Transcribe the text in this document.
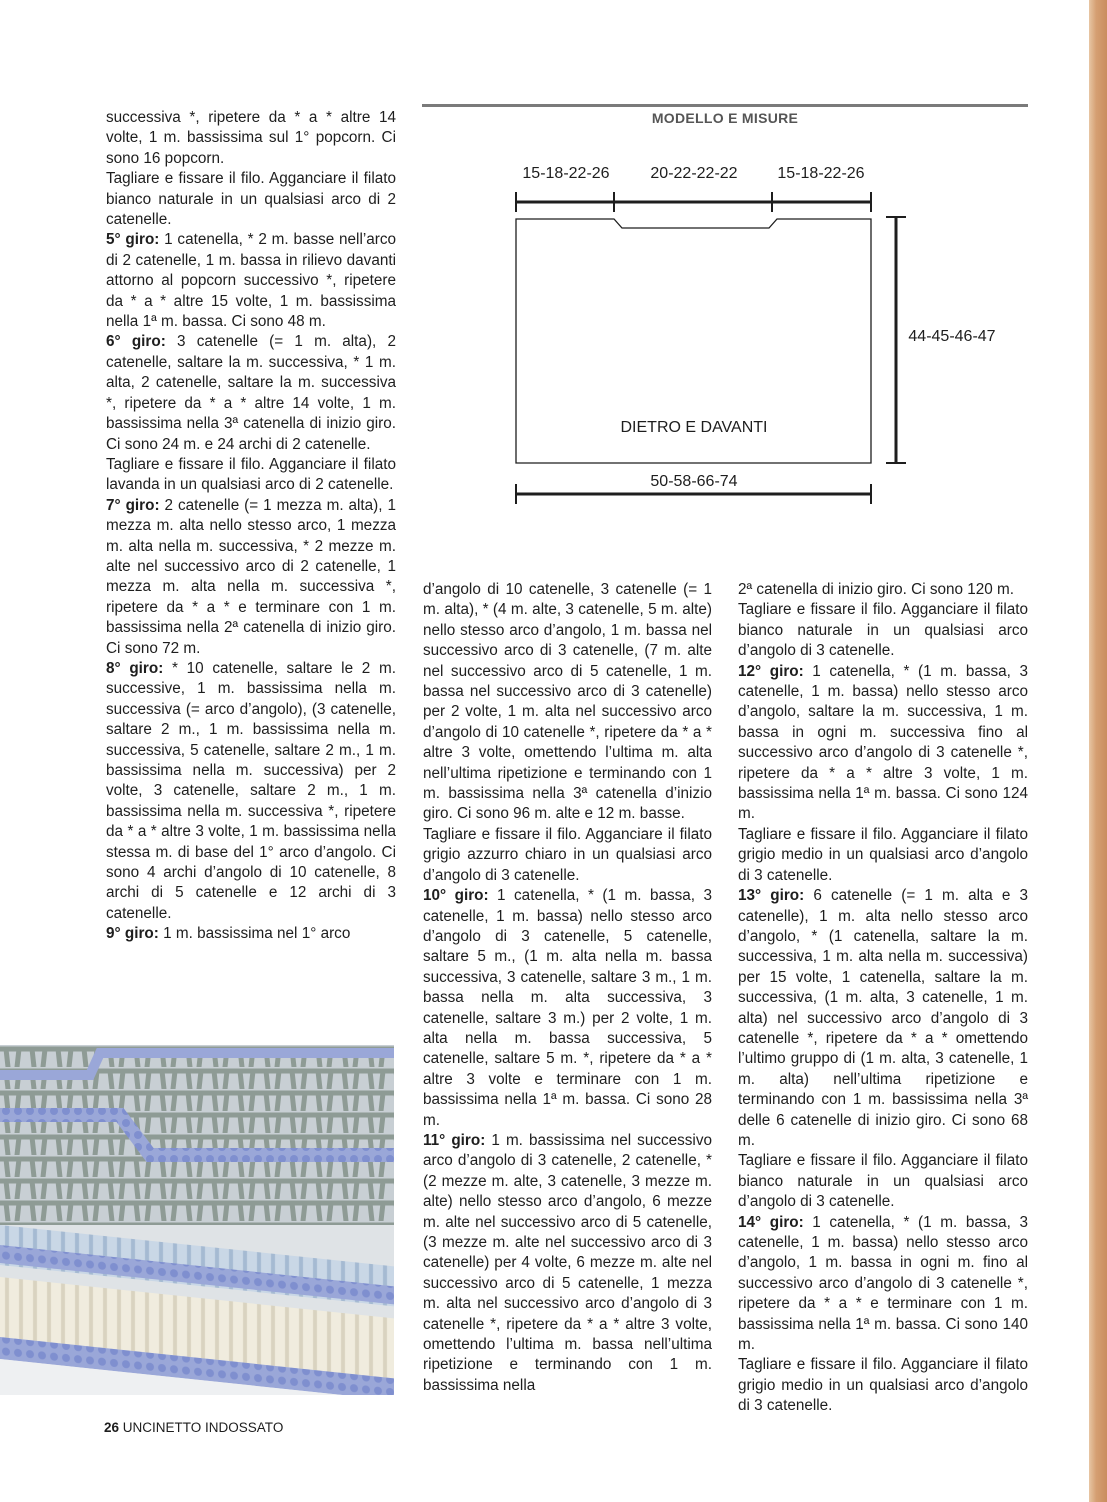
successiva *, ripetere da * a * altre 14 volte, 1 m. bassissima sul 1° popcorn. Ci sono 16 popcorn.

Tagliare e fissare il filo. Agganciare il filato bianco naturale in un qualsiasi arco di 2 catenelle.

5° giro: 1 catenella, * 2 m. basse nell’arco di 2 catenelle, 1 m. bassa in rilievo davanti attorno al popcorn successivo *, ripetere da * a * altre 15 volte, 1 m. bassissima nella 1ª m. bassa. Ci sono 48 m.

6° giro: 3 catenelle (= 1 m. alta), 2 catenelle, saltare la m. successiva, * 1 m. alta, 2 catenelle, saltare la m. successiva *, ripetere da * a * altre 14 volte, 1 m. bassissima nella 3ª catenella di inizio giro. Ci sono 24 m. e 24 archi di 2 catenelle.

Tagliare e fissare il filo. Agganciare il filato lavanda in un qualsiasi arco di 2 catenelle.

7° giro: 2 catenelle (= 1 mezza m. alta), 1 mezza m. alta nello stesso arco, 1 mezza m. alta nella m. successiva, * 2 mezze m. alte nel successivo arco di 2 catenelle, 1 mezza m. alta nella m. successiva *, ripetere da * a * e terminare con 1 m. bassissima nella 2ª catenella di inizio giro. Ci sono 72 m.

8° giro: * 10 catenelle, saltare le 2 m. successive, 1 m. bassissima nella m. successiva (= arco d’angolo), (3 catenelle, saltare 2 m., 1 m. bassissima nella m. successiva, 5 catenelle, saltare 2 m., 1 m. bassissima nella m. successiva) per 2 volte, 3 catenelle, saltare 2 m., 1 m. bassissima nella m. successiva *, ripetere da * a * altre 3 volte, 1 m. bassissima nella stessa m. di base del 1° arco d’angolo. Ci sono 4 archi d’angolo di 10 catenelle, 8 archi di 5 catenelle e 12 archi di 3 catenelle.

9° giro: 1 m. bassissima nel 1° arco

MODELLO E MISURE
15-18-22-26	20-22-22-22 15-18-22-26
44-45-46-47
DIETRO E DAVANTI
50-58-66-74

d’angolo di 10 catenelle, 3 catenelle (= 1 m. alta), * (4 m. alte, 3 catenelle, 5 m. alte) nello stesso arco d’angolo, 1 m. bassa nel successivo arco di 3 catenelle, (7 m. alte nel successivo arco di 5 catenelle, 1 m. bassa nel successivo arco di 3 catenelle) per 2 volte, 1 m. alta nel successivo arco d’angolo di 10 catenelle *, ripetere da * a * altre 3 volte, omettendo l’ultima m. alta nell’ultima ripetizione e terminando con 1 m. bassissima nella 3ª catenella d’inizio giro. Ci sono 96 m. alte e 12 m. basse.

Tagliare e fissare il filo. Agganciare il filato grigio azzurro chiaro in un qualsiasi arco d’angolo di 3 catenelle.

10° giro: 1 catenella, * (1 m. bassa, 3 catenelle, 1 m. bassa) nello stesso arco d’angolo di 3 catenelle, 5 catenelle, saltare 5 m., (1 m. alta nella m. bassa successiva, 3 catenelle, saltare 3 m., 1 m. bassa nella m. alta successiva, 3 catenelle, saltare 3 m.) per 2 volte, 1 m. alta nella m. bassa successiva, 5 catenelle, saltare 5 m. *, ripetere da * a * altre 3 volte e terminare con 1 m. bassissima nella 1ª m. bassa. Ci sono 28 m.

11° giro: 1 m. bassissima nel successivo arco d’angolo di 3 catenelle, 2 catenelle, * (2 mezze m. alte, 3 catenelle, 3 mezze m. alte) nello stesso arco d’angolo, 6 mezze m. alte nel successivo arco di 5 catenelle, (3 mezze m. alte nel successivo arco di 3 catenelle) per 4 volte, 6 mezze m. alte nel successivo arco di 5 catenelle, 1 mezza m. alta nel successivo arco d’angolo di 3 catenelle *, ripetere da * a * altre 3 volte, omettendo l’ultima m. bassa nell’ultima ripetizione e terminando con 1 m. bassissima nella

2ª catenella di inizio giro. Ci sono 120 m.

Tagliare e fissare il filo. Agganciare il filato bianco naturale in un qualsiasi arco d’angolo di 3 catenelle.

12° giro: 1 catenella, * (1 m. bassa, 3 catenelle, 1 m. bassa) nello stesso arco d’angolo, saltare la m. successiva, 1 m. bassa in ogni m. successiva fino al successivo arco d’angolo di 3 catenelle *, ripetere da * a * altre 3 volte, 1 m. bassissima nella 1ª m. bassa. Ci sono 124 m.

Tagliare e fissare il filo. Agganciare il filato grigio medio in un qualsiasi arco d’angolo di 3 catenelle.

13° giro: 6 catenelle (= 1 m. alta e 3 catenelle), 1 m. alta nello stesso arco d’angolo, * (1 catenella, saltare la m. successiva, 1 m. alta nella m. successiva) per 15 volte, 1 catenella, saltare la m. successiva, (1 m. alta, 3 catenelle, 1 m. alta) nel successivo arco d’angolo di 3 catenelle *, ripetere da * a * omettendo l’ultimo gruppo di (1 m. alta, 3 catenelle, 1 m. alta) nell’ultima ripetizione e terminando con 1 m. bassissima nella 3ª delle 6 catenelle di inizio giro. Ci sono 68 m.

Tagliare e fissare il filo. Agganciare il filato bianco naturale in un qualsiasi arco d’angolo di 3 catenelle.

14° giro: 1 catenella, * (1 m. bassa, 3 catenelle, 1 m. bassa) nello stesso arco d’angolo, 1 m. bassa in ogni m. fino al successivo arco d’angolo di 3 catenelle *, ripetere da * a * e terminare con 1 m. bassissima nella 1ª m. bassa. Ci sono 140 m.

Tagliare e fissare il filo. Agganciare il filato grigio medio in un qualsiasi arco d’angolo di 3 catenelle.

26 UNCINETTO INDOSSATO
